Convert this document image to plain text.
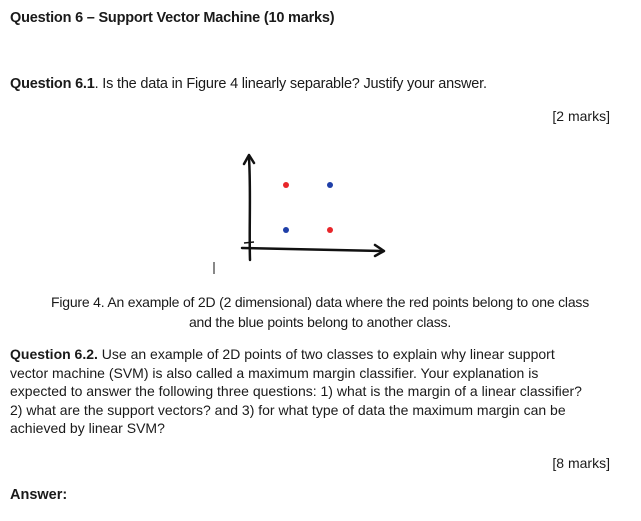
Question 6 – Support Vector Machine (10 marks)
Question 6.1. Is the data in Figure 4 linearly separable? Justify your answer.
[2 marks]
Figure 4. An example of 2D (2 dimensional) data where the red points belong to one class
and the blue points belong to another class.
Question 6.2. Use an example of 2D points of two classes to explain why linear support
vector machine (SVM) is also called a maximum margin classifier. Your explanation is
expected to answer the following three questions: 1) what is the margin of a linear classifier?
2) what are the support vectors? and 3) for what type of data the maximum margin can be
achieved by linear SVM?
[8 marks]
Answer:
